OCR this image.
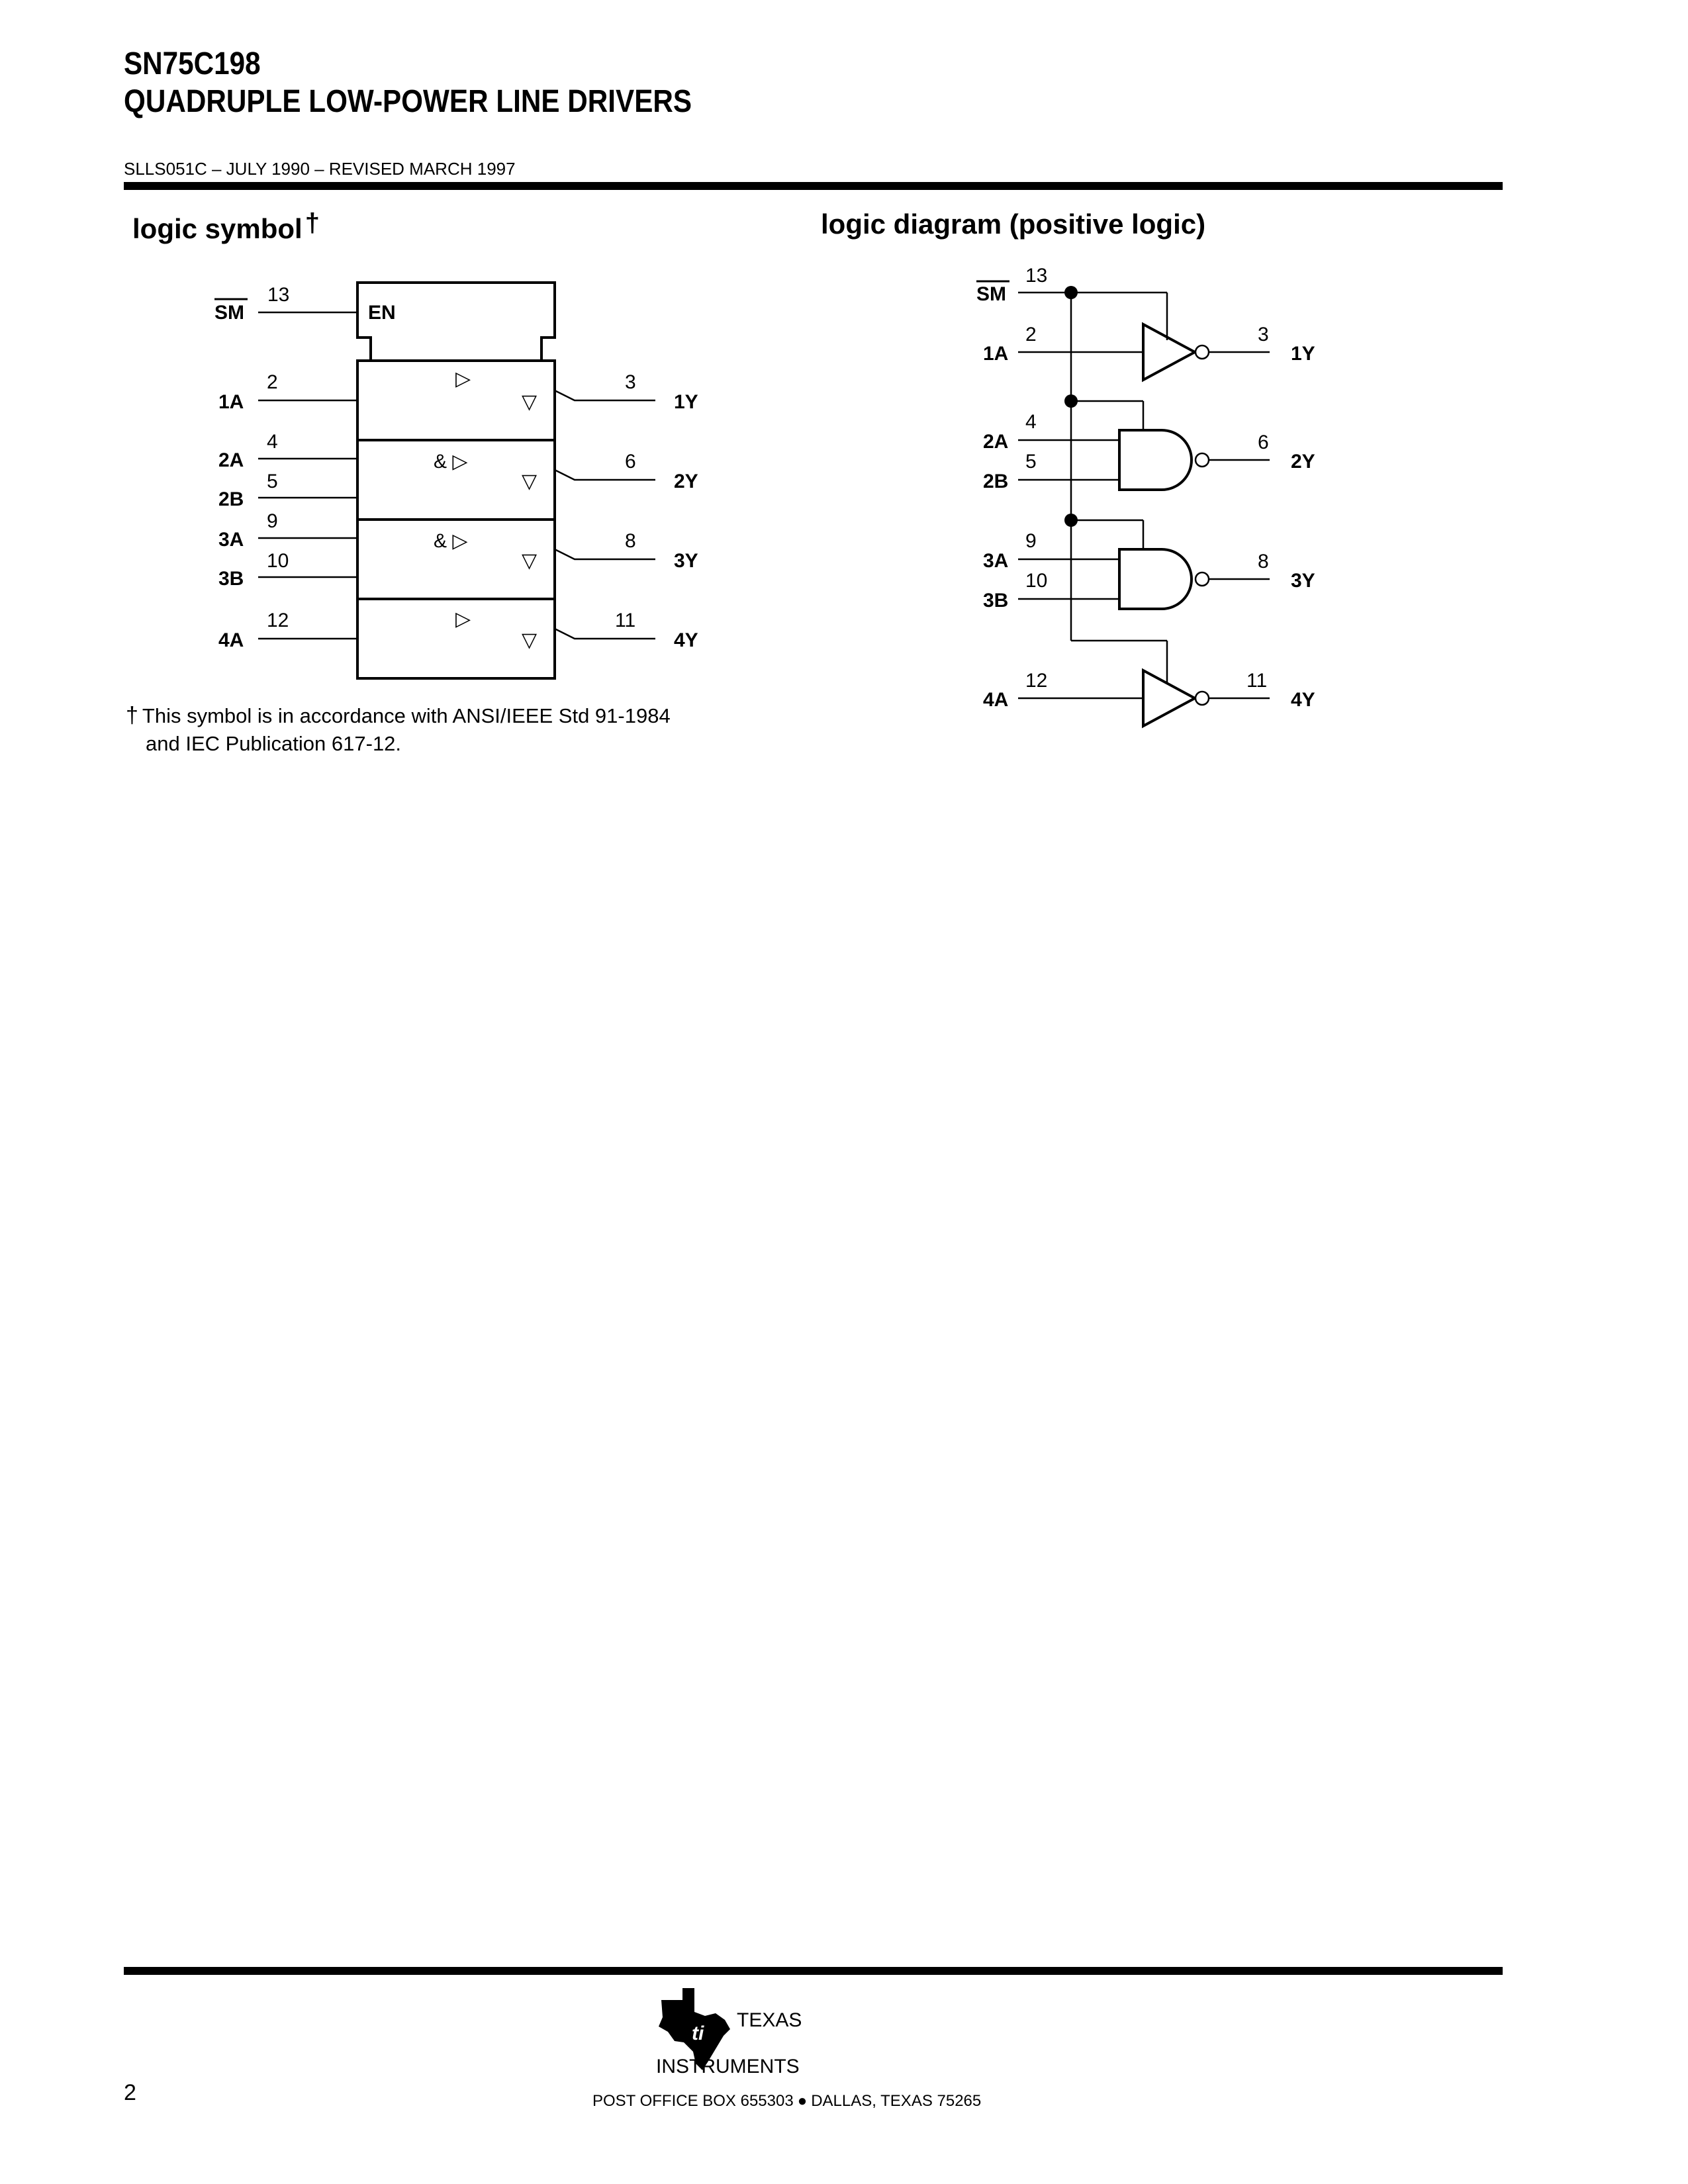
SN75C198
QUADRUPLE LOW-POWER LINE DRIVERS
SLLS051C – JULY 1990 – REVISED MARCH 1997
logic symbol †	logic diagram (positive logic)
EN
SM
13
▷
▽
1A
2	3
1Y
& ▷
▽
2A
4
2B
5
6
2Y
& ▷
▽
3A
9
3B
10
8
3Y
▷
▽
4A
12	11
4Y
SM
13
1A
2	3
1Y
2A
4
2B
5
6
2Y
3A
9
3B
10
8
3Y
4A
12	11
4Y
† This symbol is in accordance with ANSI/IEEE Std 91-1984
and IEC Publication 617-12.
ti
TEXAS
INSTRUMENTS
2	POST OFFICE BOX 655303 ● DALLAS, TEXAS 75265
